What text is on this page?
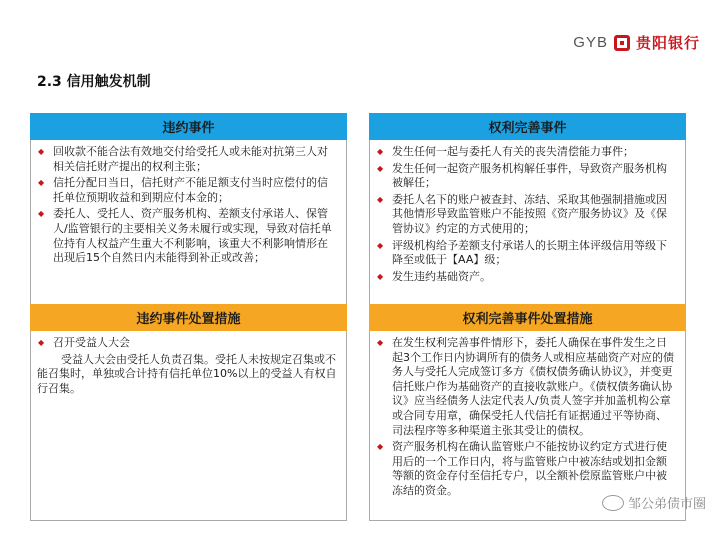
GYB 贵阳银行
2.3 信用触发机制
违约事件
◆ 回收款不能合法有效地交付给受托人或未能对抗第三人对相关信托财产提出的权利主张；
◆ 信托分配日当日，信托财产不能足额支付当时应偿付的信托单位预期收益和到期应付本金的；
◆ 委托人、受托人、资产服务机构、差额支付承诺人、保管人/监管银行的主要相关义务未履行或实现，导致对信托单位持有人权益产生重大不利影响，该重大不利影响情形在出现后15个自然日内未能得到补正或改善；
权利完善事件
◆ 发生任何一起与委托人有关的丧失清偿能力事件；
◆ 发生任何一起资产服务机构解任事件，导致资产服务机构被解任；
◆ 委托人名下的账户被查封、冻结、采取其他强制措施或因其他情形导致监管账户不能按照《资产服务协议》及《保管协议》约定的方式使用的；
◆ 评级机构给予差额支付承诺人的长期主体评级信用等级下降至或低于【AA】级；
◆ 发生违约基础资产。
违约事件处置措施
◆ 召开受益人大会
受益人大会由受托人负责召集。受托人未按规定召集或不能召集时，单独或合计持有信托单位10%以上的受益人有权自行召集。
权利完善事件处置措施
◆ 在发生权利完善事件情形下，委托人确保在事件发生之日起3个工作日内协调所有的债务人或相应基础资产对应的债务人与受托人完成签订多方《债权债务确认协议》，并变更信托账户作为基础资产的直接收款账户。《债权债务确认协议》应当经债务人法定代表人/负责人签字并加盖机构公章或合同专用章，确保受托人代信托有证据通过平等协商、司法程序等多种渠道主张其受让的债权。
◆ 资产服务机构在确认监管账户不能按协议约定方式进行使用后的一个工作日内，将与监管账户中被冻结或划扣金额等额的资金存付至信托专户，以全额补偿原监管账户中被冻结的资金。
邹公弟债市圈
